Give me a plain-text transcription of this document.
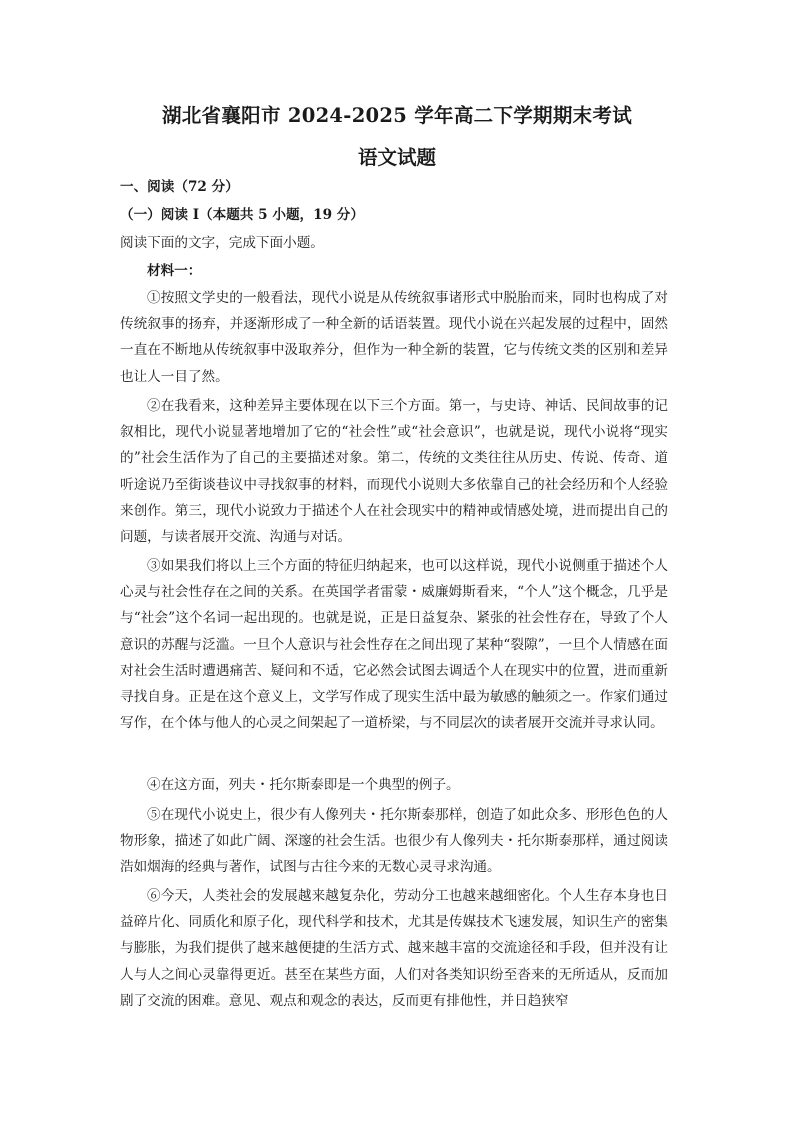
湖北省襄阳市 2024-2025 学年高二下学期期末考试
语文试题
一、阅读（72 分）
（一）阅读 I（本题共 5 小题，19 分）
阅读下面的文字，完成下面小题。
材料一：
①按照文学史的一般看法，现代小说是从传统叙事诸形式中脱胎而来，同时也构成了对传统叙事的扬弃，并逐渐形成了一种全新的话语装置。现代小说在兴起发展的过程中，固然一直在不断地从传统叙事中汲取养分，但作为一种全新的装置，它与传统文类的区别和差异也让人一目了然。
②在我看来，这种差异主要体现在以下三个方面。第一，与史诗、神话、民间故事的记叙相比，现代小说显著地增加了它的“社会性”或“社会意识”，也就是说，现代小说将“现实的”社会生活作为了自己的主要描述对象。第二，传统的文类往往从历史、传说、传奇、道听途说乃至街谈巷议中寻找叙事的材料，而现代小说则大多依靠自己的社会经历和个人经验来创作。第三，现代小说致力于描述个人在社会现实中的精神或情感处境，进而提出自己的问题，与读者展开交流、沟通与对话。
③如果我们将以上三个方面的特征归纳起来，也可以这样说，现代小说侧重于描述个人心灵与社会性存在之间的关系。在英国学者雷蒙・威廉姆斯看来，“个人”这个概念，几乎是与“社会”这个名词一起出现的。也就是说，正是日益复杂、紧张的社会性存在，导致了个人意识的苏醒与泛滥。一旦个人意识与社会性存在之间出现了某种“裂隙”，一旦个人情感在面对社会生活时遭遇痛苦、疑问和不适，它必然会试图去调适个人在现实中的位置，进而重新寻找自身。正是在这个意义上，文学写作成了现实生活中最为敏感的触须之一。作家们通过写作，在个体与他人的心灵之间架起了一道桥梁，与不同层次的读者展开交流并寻求认同。
④在这方面，列夫・托尔斯泰即是一个典型的例子。
⑤在现代小说史上，很少有人像列夫・托尔斯泰那样，创造了如此众多、形形色色的人物形象，描述了如此广阔、深邃的社会生活。也很少有人像列夫・托尔斯泰那样，通过阅读浩如烟海的经典与著作，试图与古往今来的无数心灵寻求沟通。
⑥今天，人类社会的发展越来越复杂化，劳动分工也越来越细密化。个人生存本身也日益碎片化、同质化和原子化，现代科学和技术，尤其是传媒技术飞速发展，知识生产的密集与膨胀，为我们提供了越来越便捷的生活方式、越来越丰富的交流途径和手段，但并没有让人与人之间心灵靠得更近。甚至在某些方面，人们对各类知识纷至沓来的无所适从，反而加剧了交流的困难。意见、观点和观念的表达，反而更有排他性，并日趋狭窄
